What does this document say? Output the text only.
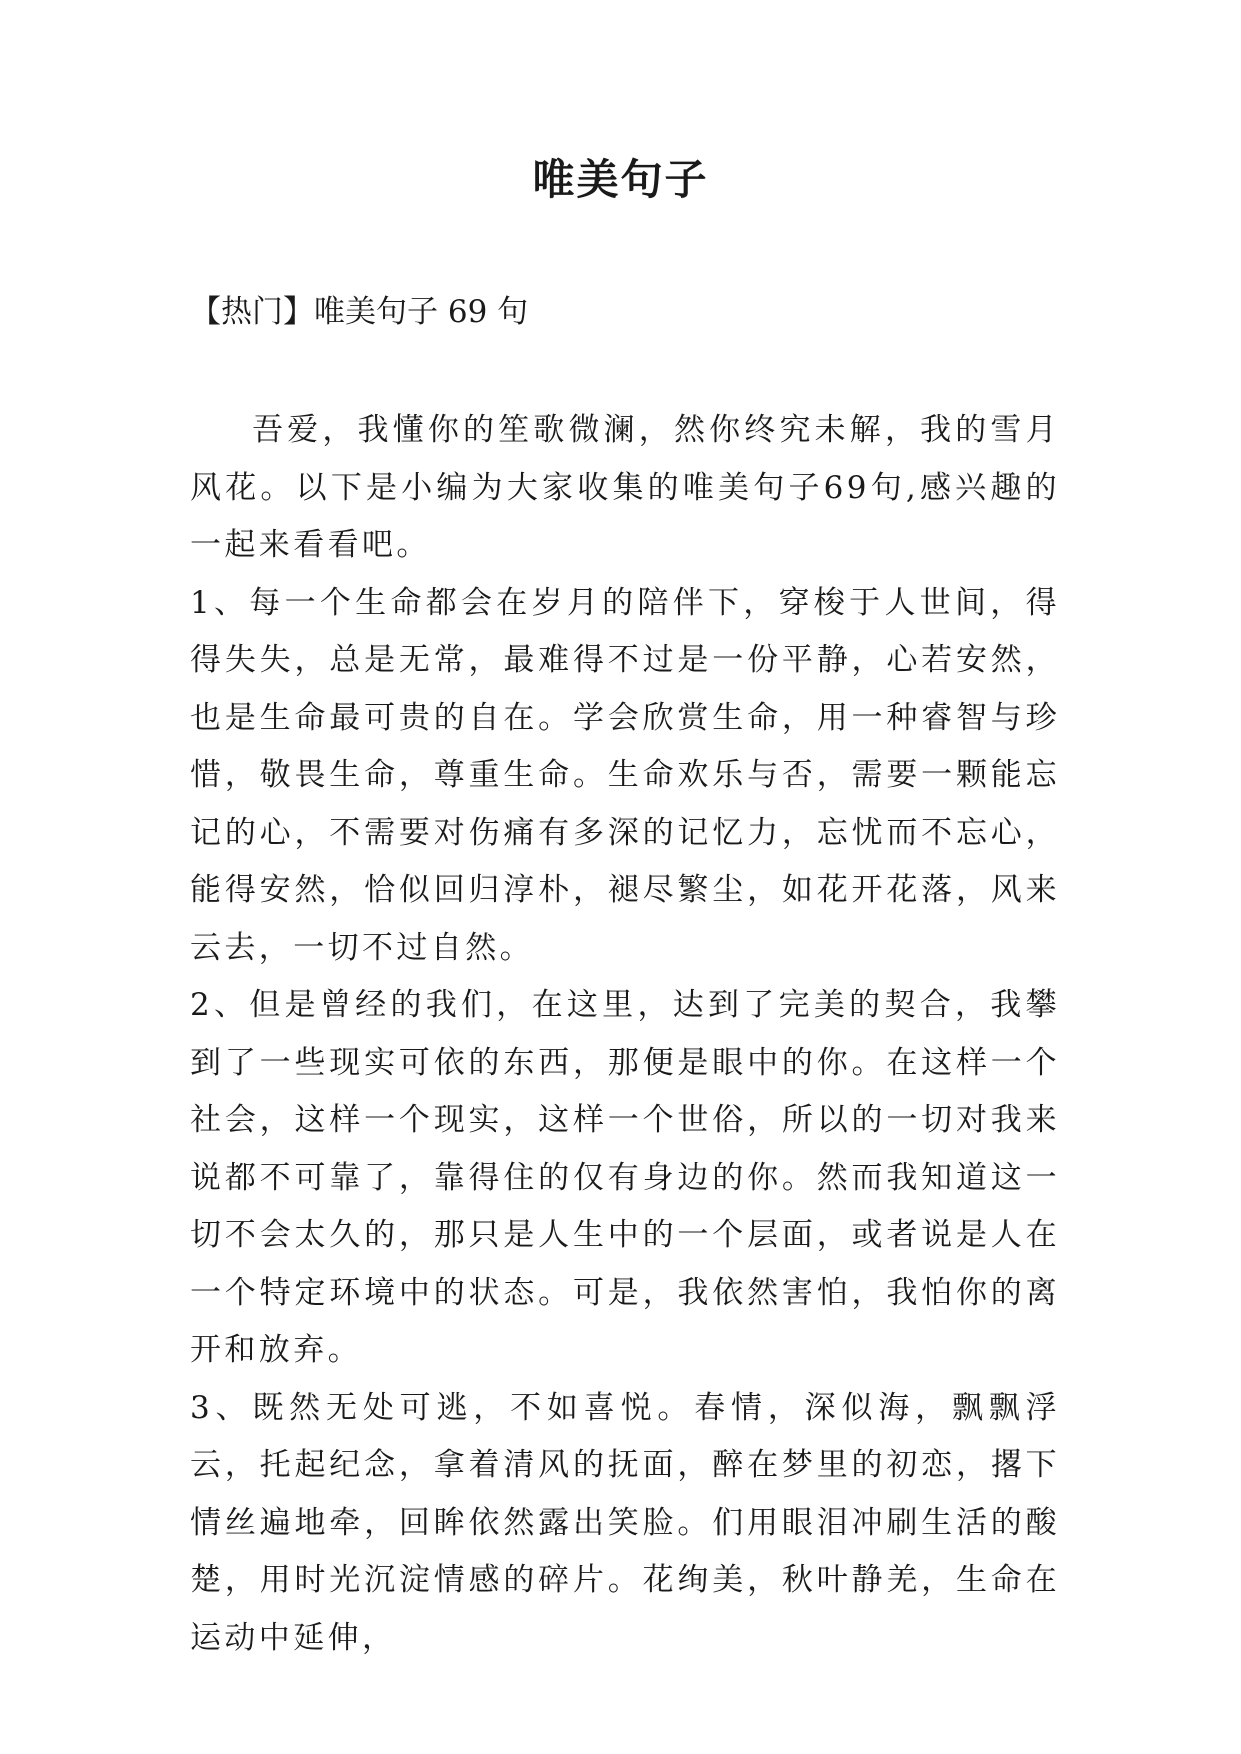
唯美句子
【热门】唯美句子 69 句

吾爱，我懂你的笙歌微澜，然你终究未解，我的雪月风花。以下是小编为大家收集的唯美句子69句,感兴趣的一起来看看吧。

1、每一个生命都会在岁月的陪伴下，穿梭于人世间，得得失失，总是无常，最难得不过是一份平静，心若安然，也是生命最可贵的自在。学会欣赏生命，用一种睿智与珍惜，敬畏生命，尊重生命。生命欢乐与否，需要一颗能忘记的心，不需要对伤痛有多深的记忆力，忘忧而不忘心，能得安然，恰似回归淳朴，褪尽繁尘，如花开花落，风来云去，一切不过自然。

2、但是曾经的我们，在这里，达到了完美的契合，我攀到了一些现实可依的东西，那便是眼中的你。在这样一个社会，这样一个现实，这样一个世俗，所以的一切对我来说都不可靠了，靠得住的仅有身边的你。然而我知道这一切不会太久的，那只是人生中的一个层面，或者说是人在一个特定环境中的状态。可是，我依然害怕，我怕你的离开和放弃。

3、既然无处可逃，不如喜悦。春情，深似海，飘飘浮云，托起纪念，拿着清风的抚面，醉在梦里的初恋，撂下情丝遍地牵，回眸依然露出笑脸。们用眼泪冲刷生活的酸楚，用时光沉淀情感的碎片。花绚美，秋叶静羌，生命在运动中延伸，
